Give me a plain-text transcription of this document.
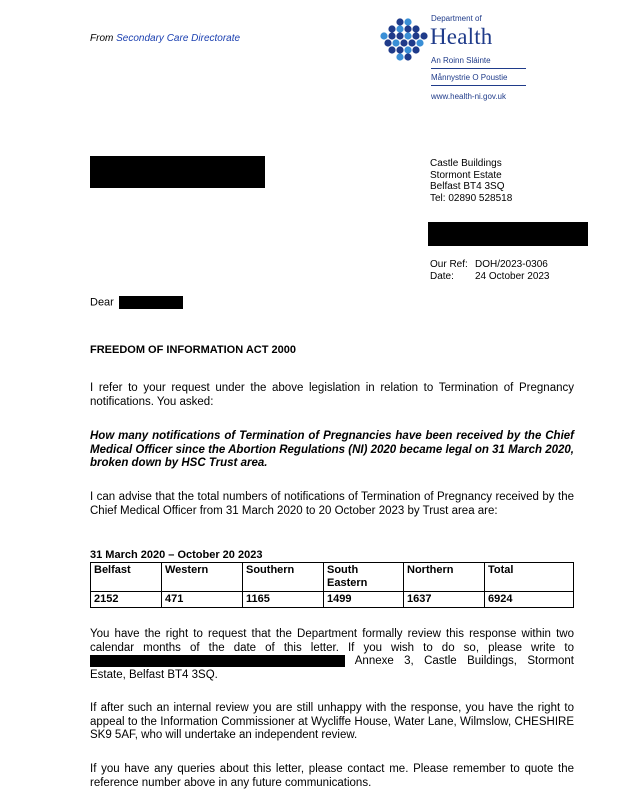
From Secondary Care Directorate
Department of
Health
An Roinn Sláinte
Månnystrie O Poustie
www.health-ni.gov.uk
Castle Buildings
Stormont Estate
Belfast BT4 3SQ
Tel: 02890 528518
Our Ref: DOH/2023-0306
Date: 24 October 2023
Dear
FREEDOM OF INFORMATION ACT 2000
I refer to your request under the above legislation in relation to Termination of Pregnancy notifications. You asked:
How many notifications of Termination of Pregnancies have been received by the Chief Medical Officer since the Abortion Regulations (NI) 2020 became legal on 31 March 2020, broken down by HSC Trust area.
I can advise that the total numbers of notifications of Termination of Pregnancy received by the Chief Medical Officer from 31 March 2020 to 20 October 2023 by Trust area are:
31 March 2020 – October 20 2023
Belfast	Western	Southern	South Eastern	Northern	Total
2152	471	1165	1499	1637	6924
You have the right to request that the Department formally review this response within two calendar months of the date of this letter. If you wish to do so, please write to  Annexe 3, Castle Buildings, Stormont Estate, Belfast BT4 3SQ.
If after such an internal review you are still unhappy with the response, you have the right to appeal to the Information Commissioner at Wycliffe House, Water Lane, Wilmslow, CHESHIRE SK9 5AF, who will undertake an independent review.
If you have any queries about this letter, please contact me. Please remember to quote the reference number above in any future communications.
